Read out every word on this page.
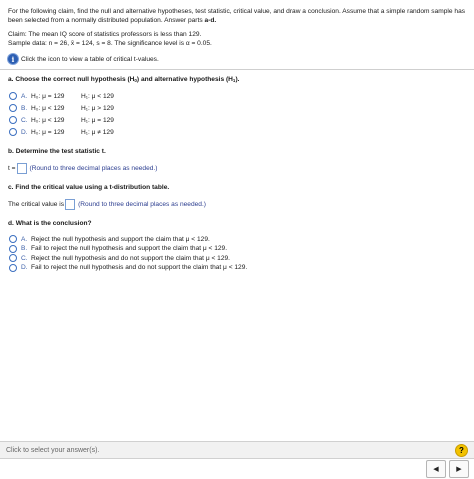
For the following claim, find the null and alternative hypotheses, test statistic, critical value, and draw a conclusion. Assume that a simple random sample has been selected from a normally distributed population. Answer parts a-d.
Claim: The mean IQ score of statistics professors is less than 129.
Sample data: n = 26, x̄ = 124, s = 8. The significance level is α = 0.05.
i	Click the icon to view a table of critical t-values.
a. Choose the correct null hypothesis $(H_0)$ and alternative hypothesis $(H_1)$.
A. H₀: μ = 129	H₁: μ < 129
B. H₀: μ < 129	H₁: μ > 129
C. H₀: μ < 129	H₁: μ = 129
D. H₀: μ = 129	H₁: μ ≠ 129
b. Determine the test statistic t.
t = (Round to three decimal places as needed.)
c. Find the critical value using a t-distribution table.
The critical value is (Round to three decimal places as needed.)
d. What is the conclusion?
A. Reject the null hypothesis and support the claim that μ < 129.
B. Fail to reject the null hypothesis and support the claim that μ < 129.
C. Reject the null hypothesis and do not support the claim that μ < 129.
D. Fail to reject the null hypothesis and do not support the claim that μ < 129.
Click to select your answer(s).	?
◀	▶
